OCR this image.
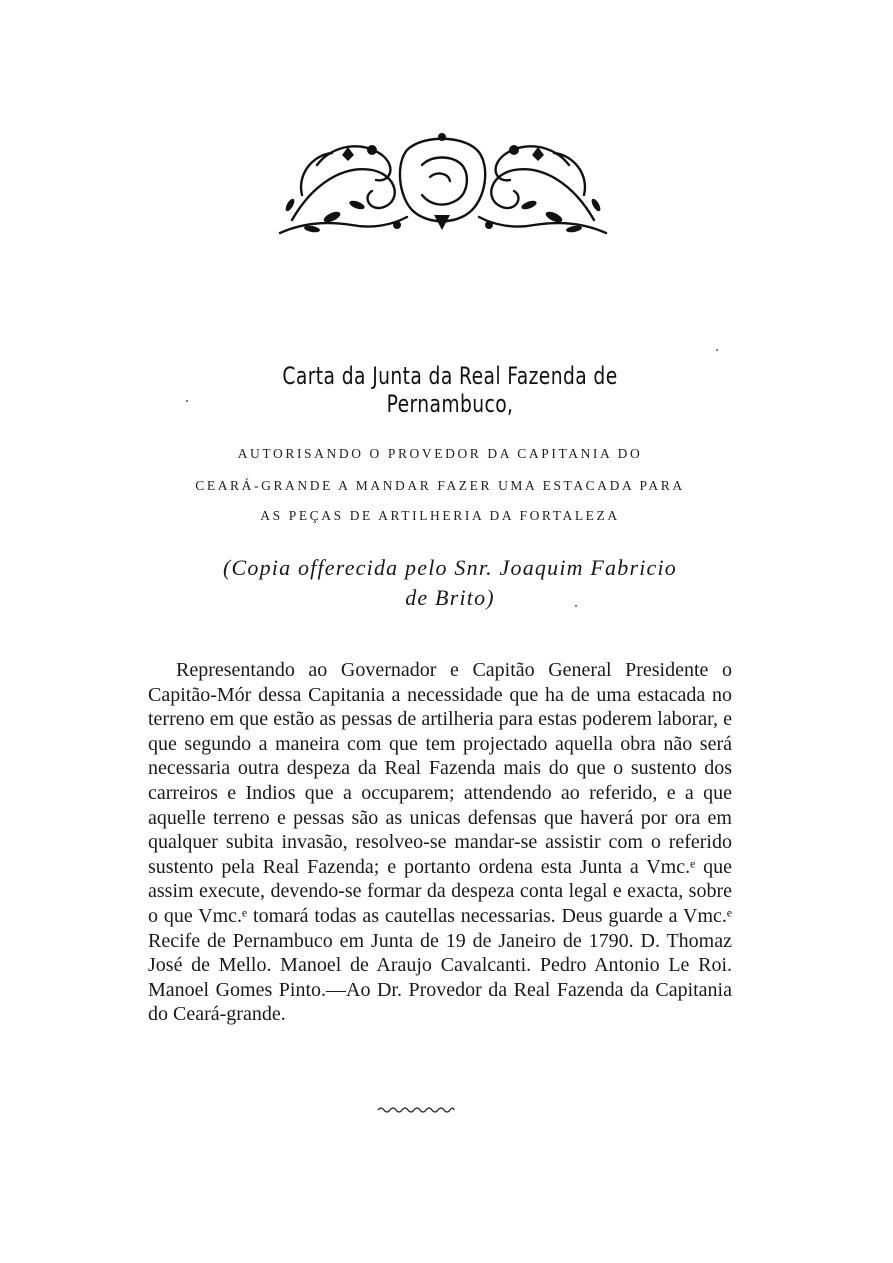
Carta da Junta da Real Fazenda de Pernambuco,
AUTORISANDO O PROVEDOR DA CAPITANIA DO
CEARÁ-GRANDE A MANDAR FAZER UMA ESTACADA PARA
AS PEÇAS DE ARTILHERIA DA FORTALEZA
(Copia offerecida pelo Snr. Joaquim Fabricio
de Brito)

Representando ao Governador e Capitão General Presidente o Capitão-Mór dessa Capitania a necessidade que ha de uma estacada no terreno em que estão as pessas de artilheria para estas poderem laborar, e que segundo a maneira com que tem projectado aquella obra não será necessaria outra despeza da Real Fazenda mais do que o sustento dos carreiros e Indios que a occuparem; attendendo ao referido, e a que aquelle terreno e pessas são as unicas defensas que haverá por ora em qualquer subita invasão, resolveo-se mandar-se assistir com o referido sustento pela Real Fazenda; e portanto ordena esta Junta a Vmc.ᵉ que assim execute, devendo-se formar da despeza conta legal e exacta, sobre o que Vmc.ᵉ tomará todas as cautellas necessarias. Deus guarde a Vmc.ᵉ Recife de Pernambuco em Junta de 19 de Janeiro de 1790. D. Thomaz José de Mello. Manoel de Araujo Cavalcanti. Pedro Antonio Le Roi. Manoel Gomes Pinto.—Ao Dr. Provedor da Real Fazenda da Capitania do Ceará-grande.
